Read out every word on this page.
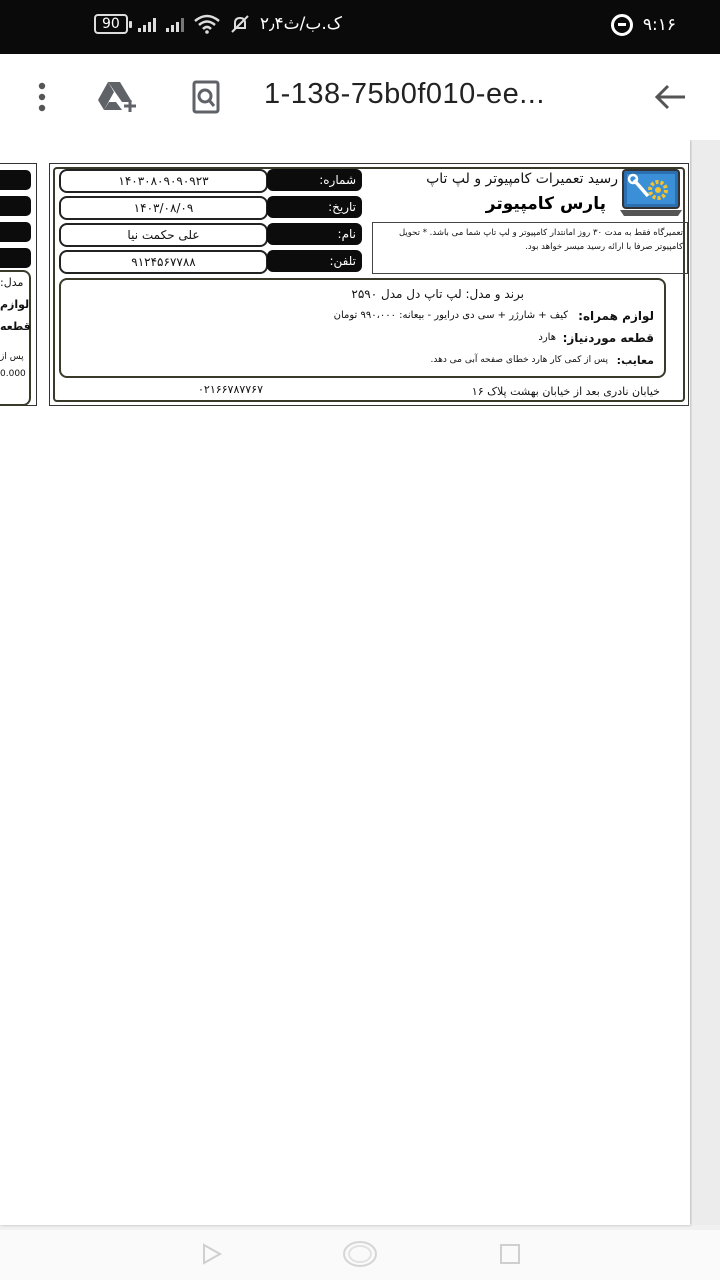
90	۲٫۴ک.ب/ث	۹:۱۶
1-138-75b0f010-ee...
مدل:
لوازم
قطعه
پس از
0.000
۱۴۰۳۰۸۰۹۰۹۰۹۲۳	شماره:
۱۴۰۳/۰۸/۰۹	تاریخ:
علی حکمت نیا	نام:
۹۱۲۴۵۶۷۷۸۸	تلفن:
رسید تعمیرات کامپیوتر و لپ تاپ
پارس کامپیوتر
تعمیرگاه فقط به مدت ۳۰ روز امانتدار کامپیوتر و لپ تاپ شما می باشد. * تحویل کامپیوتر صرفا با ارائه رسید میسر خواهد بود.
برند و مدل: لپ تاپ دل مدل ۲۵۹۰
لوازم همراه:
کیف + شارژر + سی دی درایور - بیعانه: ۹۹۰،۰۰۰ تومان
قطعه موردنیاز:
هارد
معایب:
پس از کمی کار هارد خطای صفحه آبی می دهد.
خیابان نادری بعد از خیابان بهشت پلاک ۱۶
۰۲۱۶۶۷۸۷۷۶۷
